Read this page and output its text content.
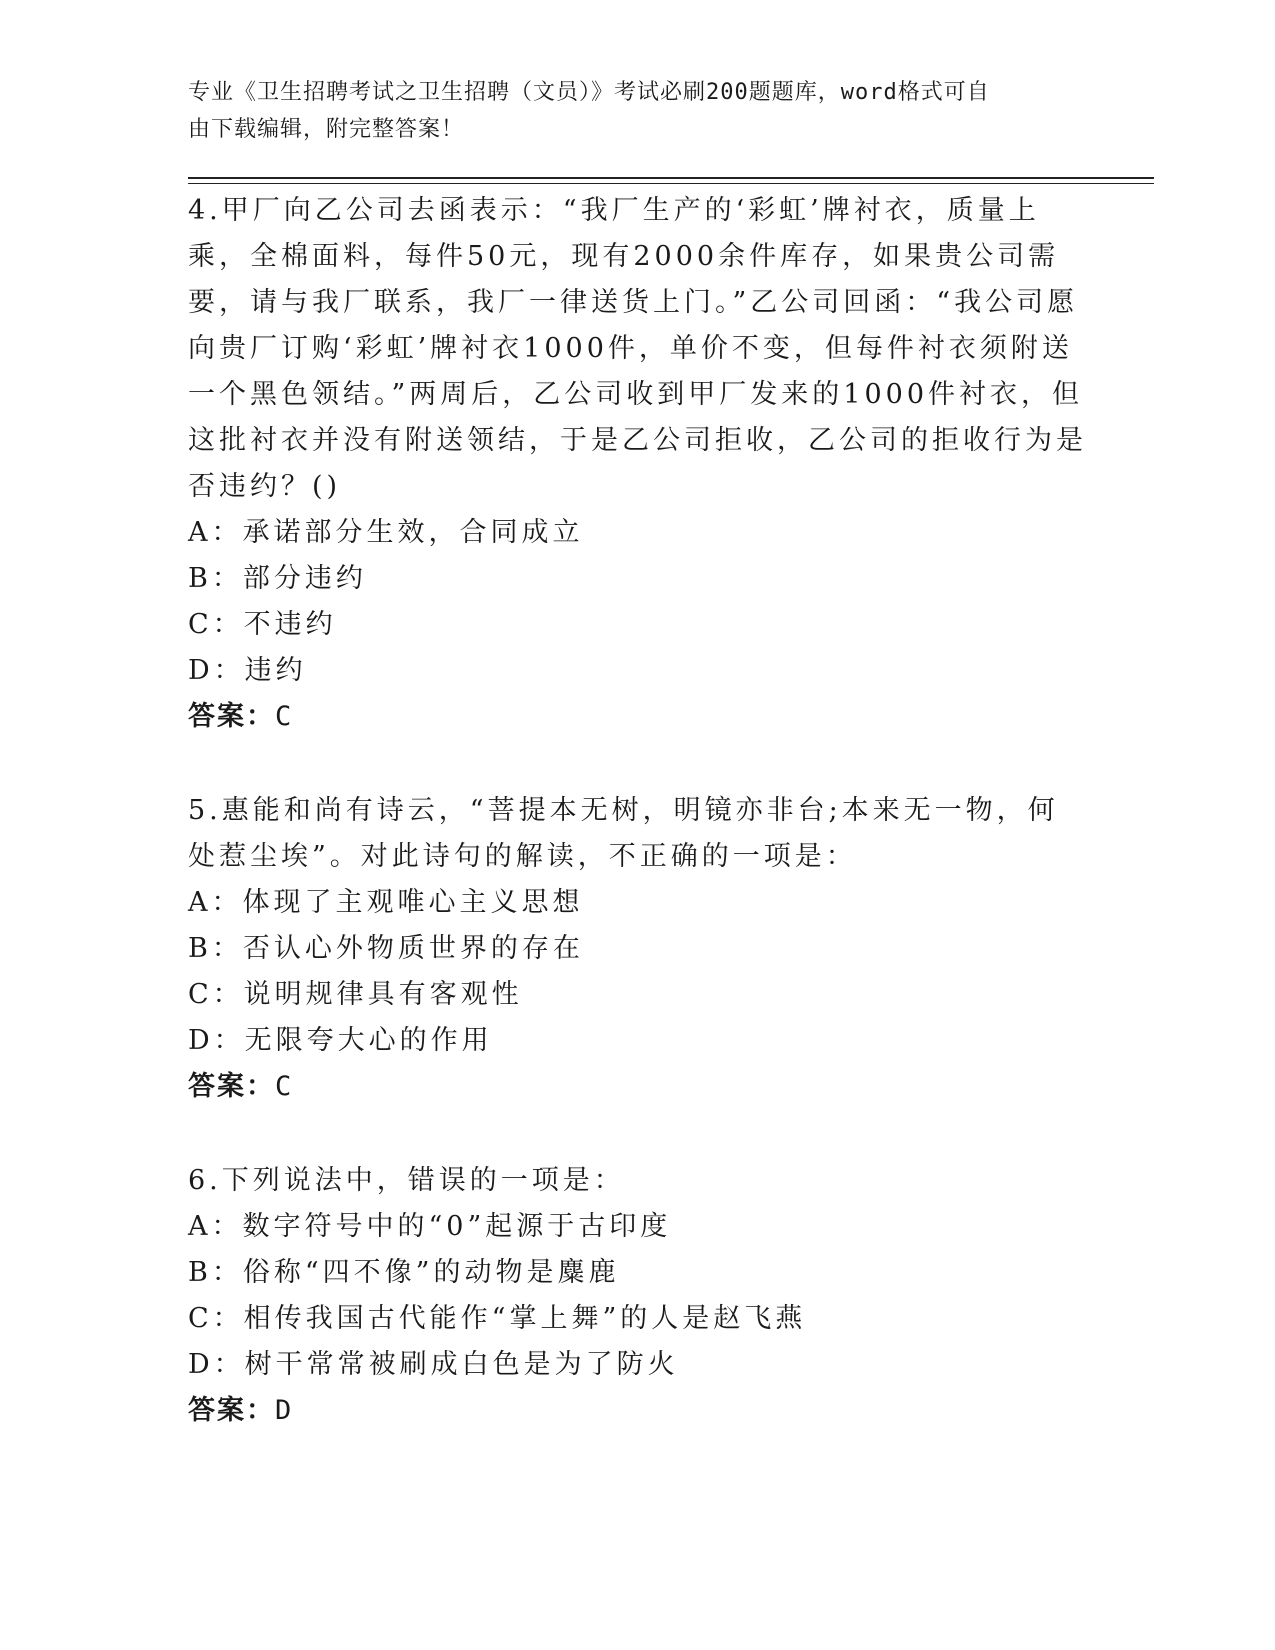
专业《卫生招聘考试之卫生招聘（文员）》考试必刷200题题库，word格式可自
由下载编辑，附完整答案！

4.甲厂向乙公司去函表示：“我厂生产的‘彩虹’牌衬衣，质量上乘，全棉面料，每件50元，现有2000余件库存，如果贵公司需要，请与我厂联系，我厂一律送货上门。”乙公司回函：“我公司愿向贵厂订购‘彩虹’牌衬衣1000件，单价不变，但每件衬衣须附送一个黑色领结。”两周后，乙公司收到甲厂发来的1000件衬衣，但这批衬衣并没有附送领结，于是乙公司拒收，乙公司的拒收行为是否违约？()

A：承诺部分生效，合同成立

B：部分违约

C：不违约

D：违约

答案：C

5.惠能和尚有诗云，“菩提本无树，明镜亦非台;本来无一物，何处惹尘埃”。对此诗句的解读，不正确的一项是：

A：体现了主观唯心主义思想

B：否认心外物质世界的存在

C：说明规律具有客观性

D：无限夸大心的作用

答案：C

6.下列说法中，错误的一项是：

A：数字符号中的“0”起源于古印度

B：俗称“四不像”的动物是麋鹿

C：相传我国古代能作“掌上舞”的人是赵飞燕

D：树干常常被刷成白色是为了防火

答案：D
